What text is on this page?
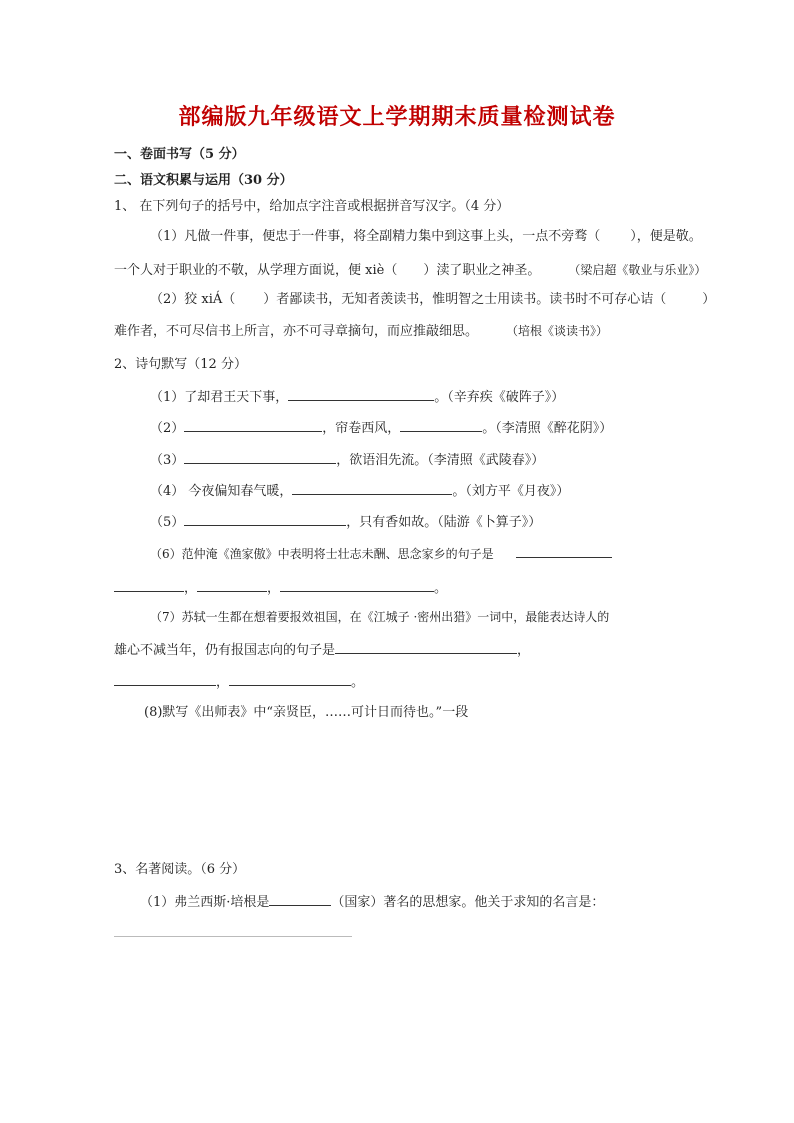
部编版九年级语文上学期期末质量检测试卷
一、卷面书写（5 分）
二、语文积累与运用（30 分）
1、 在下列句子的括号中，给加点字注音或根据拼音写汉字。（4 分）
（1）凡做一件事，便忠于一件事，将全副精力集中到这事上头，一点不旁骛（ ），便是敬。
一个人对于职业的不敬，从学理方面说，便 xiè（ ）渎了职业之神圣。 （梁启超《敬业与乐业》）
（2）狡 xiÁ（ ）者鄙读书，无知者羡读书，惟明智之士用读书。读书时不可存心诘（	）
难作者，不可尽信书上所言，亦不可寻章摘句，而应推敲细思。 （培根《谈读书》）
2、诗句默写（12 分）
（1）了却君王天下事，	。（辛弃疾《破阵子》）
（2）	，帘卷西风，	。（李清照《醉花阴》）
（3）	，欲语泪先流。（李清照《武陵春》）
（4） 今夜偏知春气暖，	。（刘方平《月夜》）
（5）	，只有香如故。（陆游《卜算子》）
（6）范仲淹《渔家傲》中表明将士壮志未酬、思念家乡的句子是
，	，	。
（7）苏轼一生都在想着要报效祖国，在《江城子 ·密州出猎》一词中，最能表达诗人的
雄心不减当年，仍有报国志向的句子是	，
，	。
(8)默写《出师表》中“亲贤臣，……可计日而待也。”一段
3、名著阅读。（6 分）
（1）弗兰西斯·培根是	（国家）著名的思想家。他关于求知的名言是：
